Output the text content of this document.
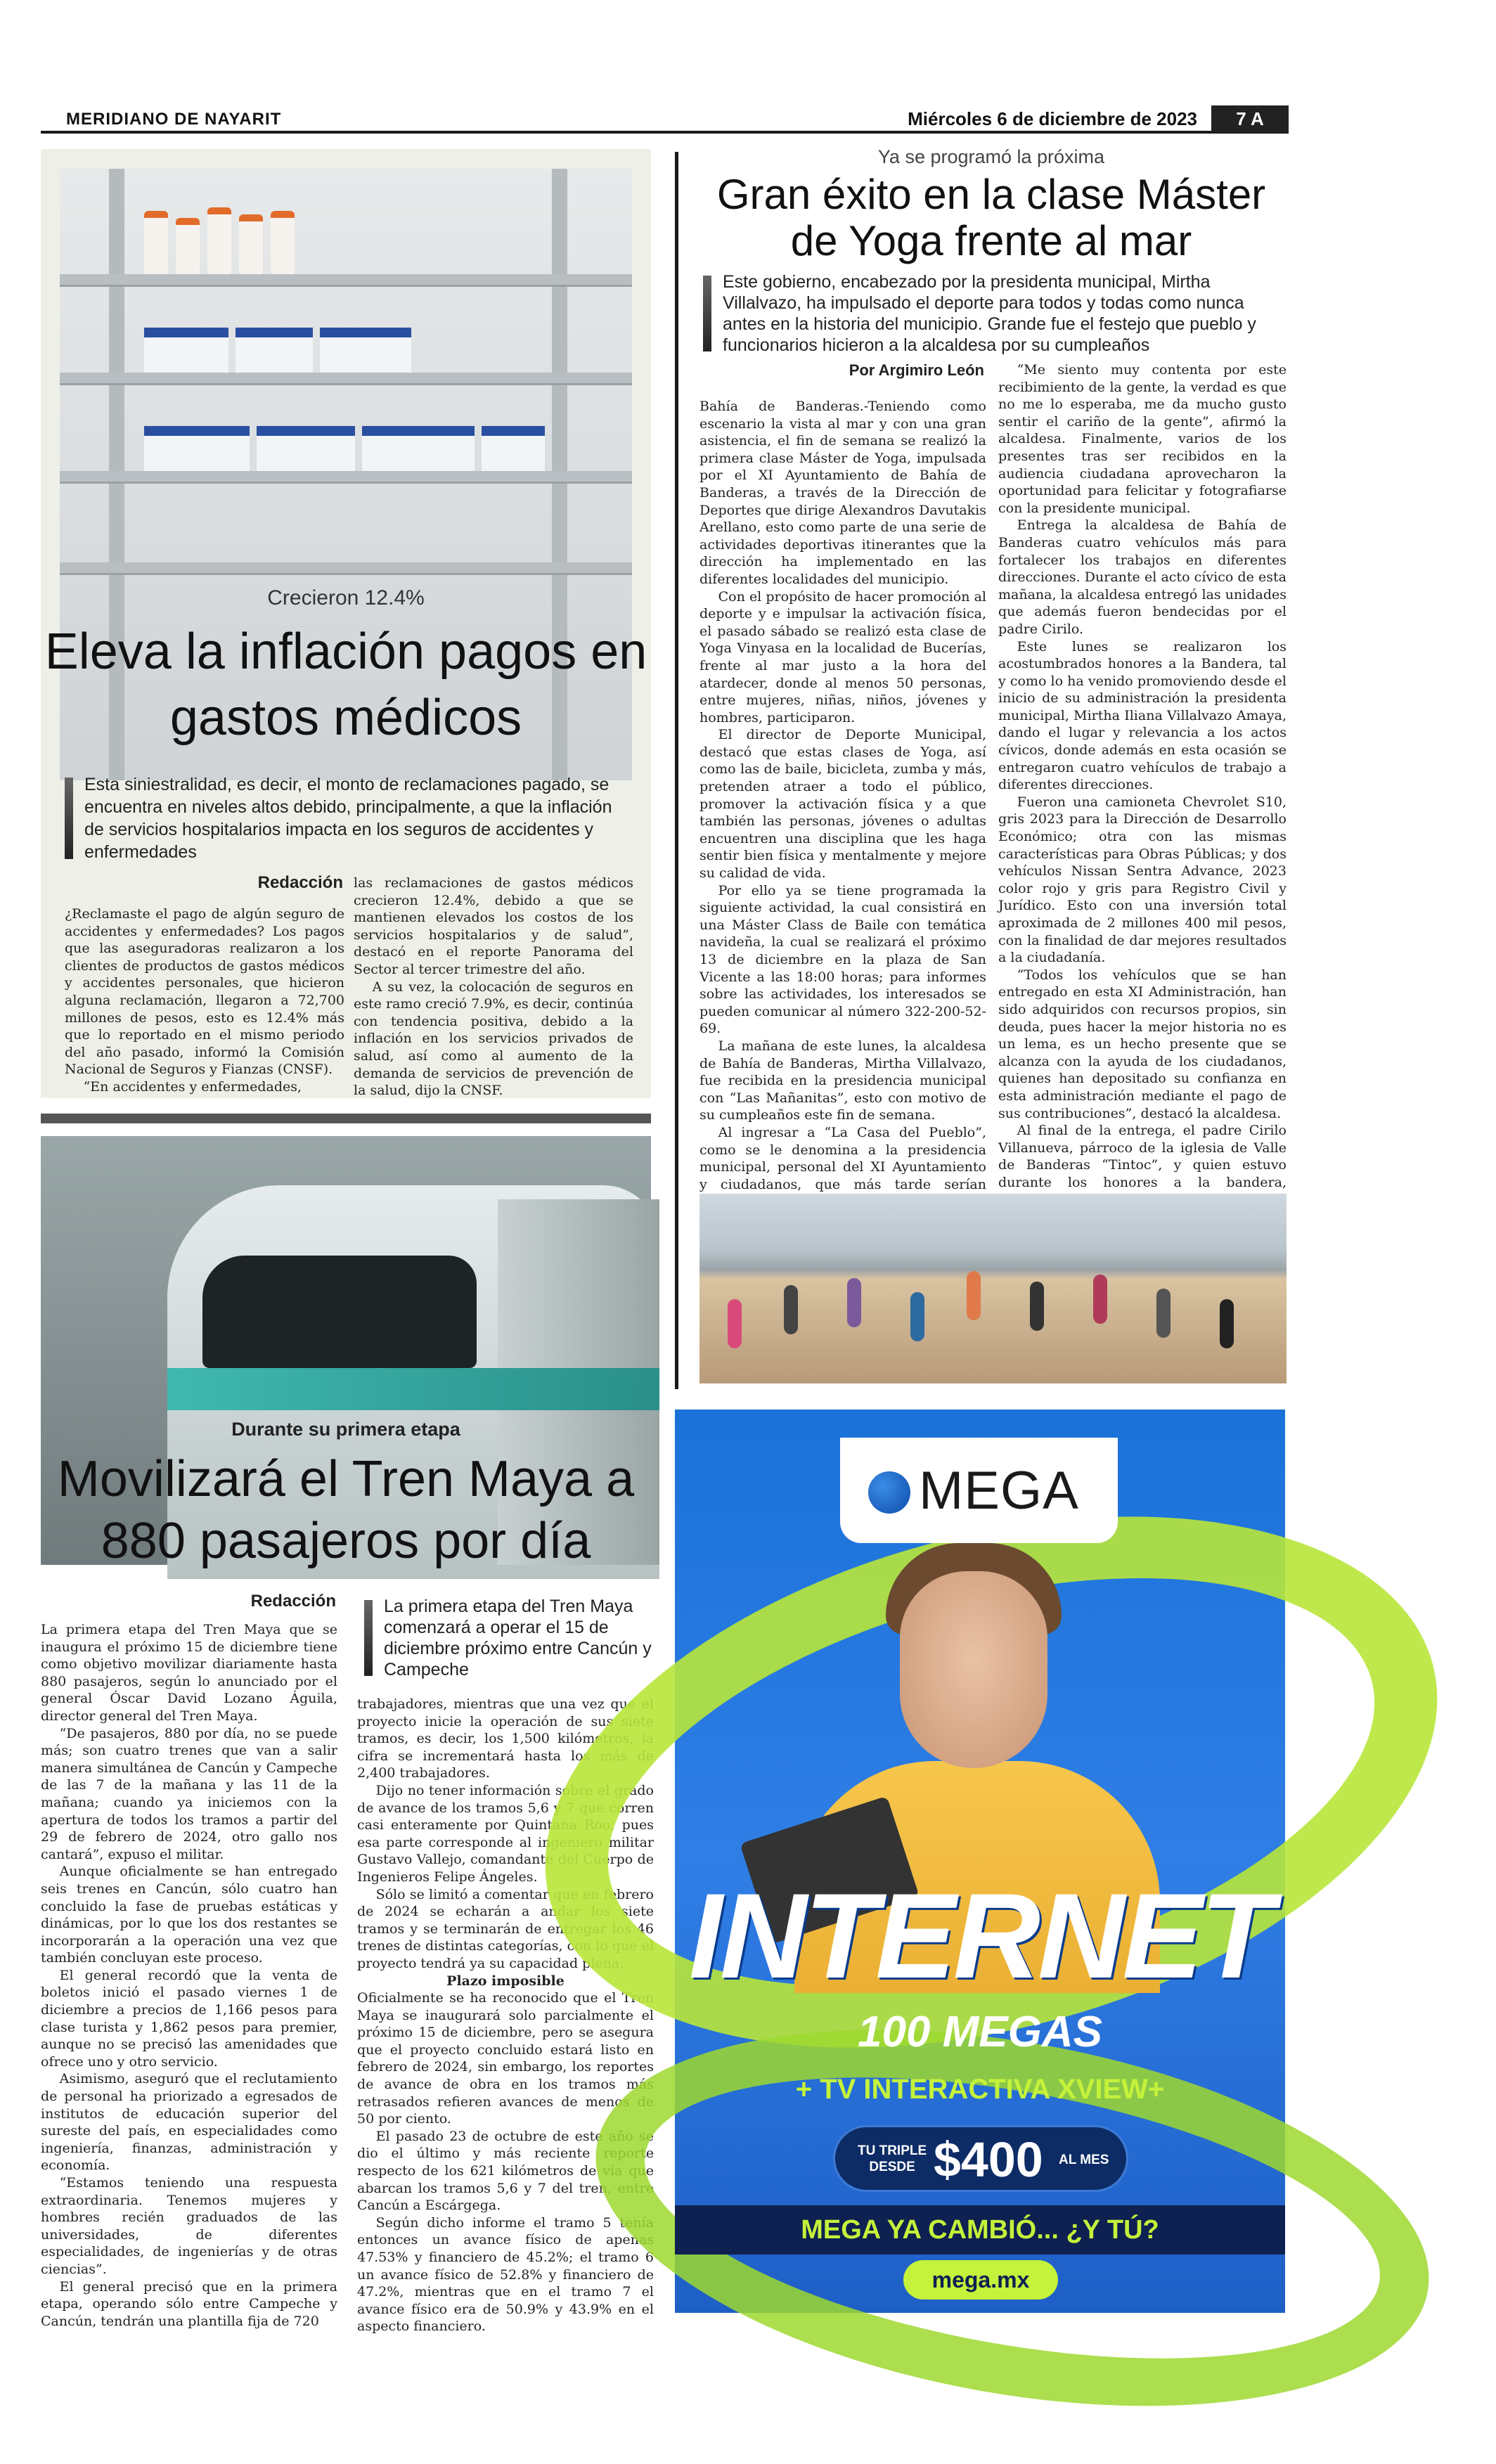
MERIDIANO DE NAYARIT	Miércoles 6 de diciembre de 2023	7 A
Crecieron 12.4%
Eleva la inflación pagos en gastos médicos
Esta siniestralidad, es decir, el monto de reclamaciones pagado, se encuentra en niveles altos debido, principalmente, a que la inflación de servicios hospitalarios impacta en los seguros de accidentes y enfermedades
Redacción

¿Reclamaste el pago de algún seguro de accidentes y enfermedades? Los pagos que las aseguradoras realizaron a los clientes de productos de gastos médicos y accidentes personales, que hicieron alguna reclamación, llegaron a 72,700 millones de pesos, esto es 12.4% más que lo reportado en el mismo periodo del año pasado, informó la Comisión Nacional de Seguros y Fianzas (CNSF).

“En accidentes y enfermedades,

las reclamaciones de gastos médicos crecieron 12.4%, debido a que se mantienen elevados los costos de los servicios hospitalarios y de salud”, destacó en el reporte Panorama del Sector al tercer trimestre del año.

A su vez, la colocación de seguros en este ramo creció 7.9%, es decir, continúa con tendencia positiva, debido a la inflación en los servicios privados de salud, así como al aumento de la demanda de servicios de prevención de la salud, dijo la CNSF.

Durante su primera etapa
Movilizará el Tren Maya a 880 pasajeros por día
Redacción	La primera etapa del Tren Maya comenzará a operar el 15 de diciembre próximo entre Cancún y Campeche

La primera etapa del Tren Maya que se inaugura el próximo 15 de diciembre tiene como objetivo movilizar diariamente hasta 880 pasajeros, según lo anunciado por el general Óscar David Lozano Águila, director general del Tren Maya.

“De pasajeros, 880 por día, no se puede más; son cuatro trenes que van a salir manera simultánea de Cancún y Campeche de las 7 de la mañana y las 11 de la mañana; cuando ya iniciemos con la apertura de todos los tramos a partir del 29 de febrero de 2024, otro gallo nos cantará”, expuso el militar.

Aunque oficialmente se han entregado seis trenes en Cancún, sólo cuatro han concluido la fase de pruebas estáticas y dinámicas, por lo que los dos restantes se incorporarán a la operación una vez que también concluyan este proceso.

El general recordó que la venta de boletos inició el pasado viernes 1 de diciembre a precios de 1,166 pesos para clase turista y 1,862 pesos para premier, aunque no se precisó las amenidades que ofrece uno y otro servicio.

Asimismo, aseguró que el reclutamiento de personal ha priorizado a egresados de institutos de educación superior del sureste del país, en especialidades como ingeniería, finanzas, administración y economía.

“Estamos teniendo una respuesta extraordinaria. Tenemos mujeres y hombres recién graduados de las universidades, de diferentes especialidades, de ingenierías y de otras ciencias”.

El general precisó que en la primera etapa, operando sólo entre Campeche y Cancún, tendrán una plantilla fija de 720

trabajadores, mientras que una vez que el proyecto inicie la operación de sus siete tramos, es decir, los 1,500 kilómetros, la cifra se incrementará hasta los más de 2,400 trabajadores.

Dijo no tener información sobre el grado de avance de los tramos 5,6 y 7 que corren casi enteramente por Quintana Roo, pues esa parte corresponde al ingeniero militar Gustavo Vallejo, comandante del Cuerpo de Ingenieros Felipe Ángeles.

Sólo se limitó a comentar que en febrero de 2024 se echarán a andar los siete tramos y se terminarán de entregar los 46 trenes de distintas categorías, con lo que el proyecto tendrá ya su capacidad plena.

Plazo imposible

Oficialmente se ha reconocido que el Tren Maya se inaugurará solo parcialmente el próximo 15 de diciembre, pero se asegura que el proyecto concluido estará listo en febrero de 2024, sin embargo, los reportes de avance de obra en los tramos más retrasados refieren avances de menos de 50 por ciento.

El pasado 23 de octubre de este año se dio el último y más reciente reporte respecto de los 621 kilómetros de vía que abarcan los tramos 5,6 y 7 del tren, entre Cancún a Escárgega.

Según dicho informe el tramo 5 tenía entonces un avance físico de apenas 47.53% y financiero de 45.2%; el tramo 6 un avance físico de 52.8% y financiero de 47.2%, mientras que en el tramo 7 el avance físico era de 50.9% y 43.9% en el aspecto financiero.

Ya se programó la próxima
Gran éxito en la clase Máster de Yoga frente al mar
Este gobierno, encabezado por la presidenta municipal, Mirtha Villalvazo, ha impulsado el deporte para todos y todas como nunca antes en la historia del municipio. Grande fue el festejo que pueblo y funcionarios hicieron a la alcaldesa por su cumpleaños
Por Argimiro León

Bahía de Banderas.-Teniendo como escenario la vista al mar y con una gran asistencia, el fin de semana se realizó la primera clase Máster de Yoga, impulsada por el XI Ayuntamiento de Bahía de Banderas, a través de la Dirección de Deportes que dirige Alexandros Davutakis Arellano, esto como parte de una serie de actividades deportivas itinerantes que la dirección ha implementado en las diferentes localidades del municipio.

Con el propósito de hacer promoción al deporte y e impulsar la activación física, el pasado sábado se realizó esta clase de Yoga Vinyasa en la localidad de Bucerías, frente al mar justo a la hora del atardecer, donde al menos 50 personas, entre mujeres, niñas, niños, jóvenes y hombres, participaron.

El director de Deporte Municipal, destacó que estas clases de Yoga, así como las de baile, bicicleta, zumba y más, pretenden atraer a todo el público, promover la activación física y a que también las personas, jóvenes o adultas encuentren una disciplina que les haga sentir bien física y mentalmente y mejore su calidad de vida.

Por ello ya se tiene programada la siguiente actividad, la cual consistirá en una Máster Class de Baile con temática navideña, la cual se realizará el próximo 13 de diciembre en la plaza de San Vicente a las 18:00 horas; para informes sobre las actividades, los interesados se pueden comunicar al número 322-200-52-69.

La mañana de este lunes, la alcaldesa de Bahía de Banderas, Mirtha Villalvazo, fue recibida en la presidencia municipal con “Las Mañanitas”, esto con motivo de su cumpleaños este fin de semana.

Al ingresar a “La Casa del Pueblo”, como se le denomina a la presidencia municipal, personal del XI Ayuntamiento y ciudadanos, que más tarde serían

“Me siento muy contenta por este recibimiento de la gente, la verdad es que no me lo esperaba, me da mucho gusto sentir el cariño de la gente”, afirmó la alcaldesa. Finalmente, varios de los presentes tras ser recibidos en la audiencia ciudadana aprovecharon la oportunidad para felicitar y fotografiarse con la presidente municipal.

Entrega la alcaldesa de Bahía de Banderas cuatro vehículos más para fortalecer los trabajos en diferentes direcciones. Durante el acto cívico de esta mañana, la alcaldesa entregó las unidades que además fueron bendecidas por el padre Cirilo.

Este lunes se realizaron los acostumbrados honores a la Bandera, tal y como lo ha venido promoviendo desde el inicio de su administración la presidenta municipal, Mirtha Iliana Villalvazo Amaya, dando el lugar y relevancia a los actos cívicos, donde además en esta ocasión se entregaron cuatro vehículos de trabajo a diferentes direcciones.

Fueron una camioneta Chevrolet S10, gris 2023 para la Dirección de Desarrollo Económico; otra con las mismas características para Obras Públicas; y dos vehículos Nissan Sentra Advance, 2023 color rojo y gris para Registro Civil y Jurídico. Esto con una inversión total aproximada de 2 millones 400 mil pesos, con la finalidad de dar mejores resultados a la ciudadanía.

“Todos los vehículos que se han entregado en esta XI Administración, han sido adquiridos con recursos propios, sin deuda, pues hacer la mejor historia no es un lema, es un hecho presente que se alcanza con la ayuda de los ciudadanos, quienes han depositado su confianza en esta administración mediante el pago de sus contribuciones”, destacó la alcaldesa.

Al final de la entrega, el padre Cirilo Villanueva, párroco de la iglesia de Valle de Banderas “Tintoc”, y quien estuvo durante los honores a la bandera,

MEGA
INTERNET
100 MEGAS
+ TV INTERACTIVA XVIEW+
TU TRIPLE
DESDE $400 AL MES
MEGA YA CAMBIÓ... ¿Y TÚ?
mega.mx
